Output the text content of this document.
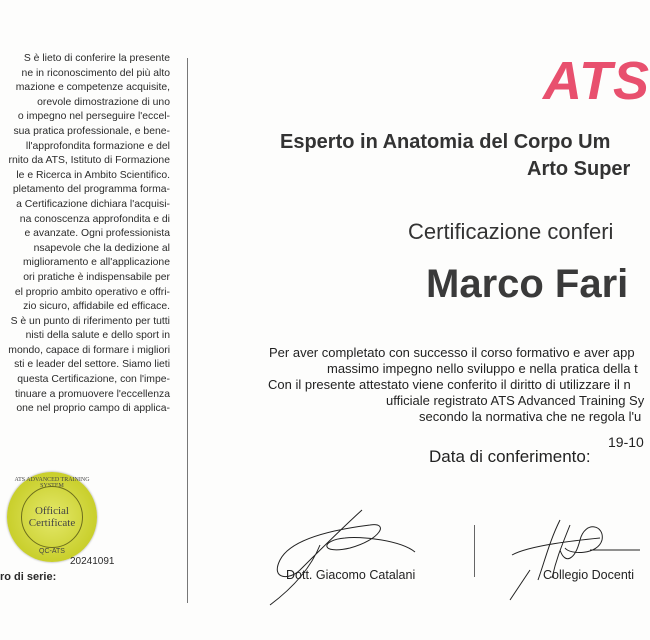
S è lieto di conferire la presente
ne in riconoscimento del più alto
mazione e competenze acquisite,
orevole dimostrazione di uno
o impegno nel perseguire l'eccel-
sua pratica professionale, e bene-
ll'approfondita formazione e del
rnito da ATS, Istituto di Formazione
le e Ricerca in Ambito Scientifico.
pletamento del programma forma-
a Certificazione dichiara l'acquisi-
na conoscenza approfondita e di
e avanzate. Ogni professionista
nsapevole che la dedizione al
miglioramento e all'applicazione
ori pratiche è indispensabile per
el proprio ambito operativo e offri-
zio sicuro, affidabile ed efficace.
S è un punto di riferimento per tutti
nisti della salute e dello sport in
mondo, capace di formare i migliori
sti e leader del settore. Siamo lieti
questa Certificazione, con l'impe-
tinuare a promuovere l'eccellenza
one nel proprio campo di applica-
ATS ADVANCED TRAINING SYSTEM
Official
Certificate
QC-ATS
20241091
ro di serie:
ATS
Esperto in Anatomia del Corpo Um
Arto Super
Certificazione conferi
Marco Fari
Per aver completato con successo il corso formativo e aver app
massimo impegno nello sviluppo e nella pratica della t
Con il presente attestato viene conferito il diritto di utilizzare il n
ufficiale registrato ATS Advanced Training Sy
secondo la normativa che ne regola l'u
19-10
Data di conferimento:
Dott. Giacomo Catalani	Collegio Docenti
